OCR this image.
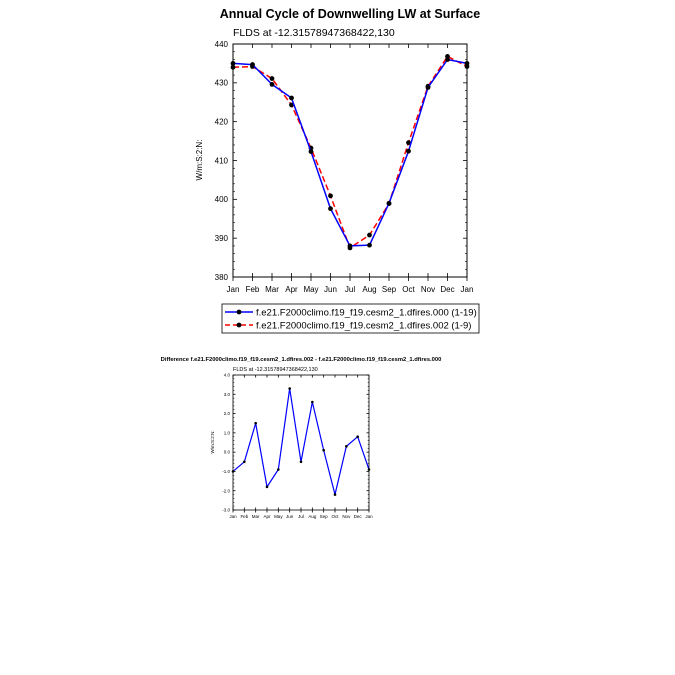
Annual Cycle of Downwelling LW at Surface
FLDS at -12.31578947368422,130
W/m:S:2:N:
380
390
400
410
420
430
440
Jan Feb Mar Apr May Jun Jul Aug Sep Oct Nov Dec Jan
f.e21.F2000climo.f19_f19.cesm2_1.dfires.000 (1-19)
f.e21.F2000climo.f19_f19.cesm2_1.dfires.002 (1-9)
Difference f.e21.F2000climo.f19_f19.cesm2_1.dfires.002 - f.e21.F2000climo.f19_f19.cesm2_1.dfires.000
FLDS at -12.31578947368422,130
W/m:S:2:N:
-3.0
-2.0
-1.0
0.0
1.0
2.0
3.0
4.0
Jan Feb Mar Apr May Jun Jul Aug Sep Oct Nov Dec Jan
